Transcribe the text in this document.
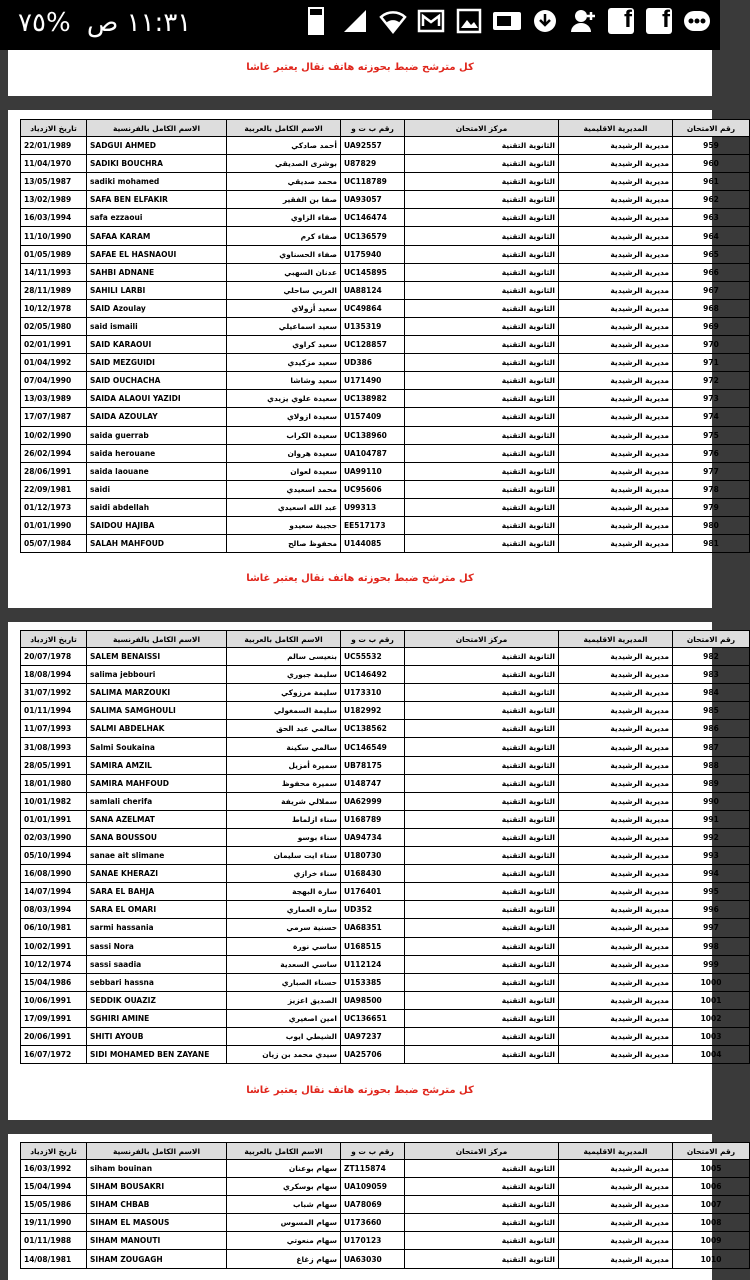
١١:٣١ ص %٧٥	f	f
كل مترشح ضبط بحوزته هاتف نقال يعتبر غاشا
تاريخ الازدياد	الاسم الكامل بالفرنسية	الاسم الكامل بالعربية	رقم ب ت و	مركز الامتحان	المديرية الاقليمية	رقم الامتحان
22/01/1989	SADGUI AHMED	أحمد صادكي	UA92557	الثانوية التقنية	مديرية الرشيدية	959
11/04/1970	SADIKI BOUCHRA	بوشرى الصديقي	U87829	الثانوية التقنية	مديرية الرشيدية	960
13/05/1987	sadiki mohamed	محمد صديقي	UC118789	الثانوية التقنية	مديرية الرشيدية	961
13/02/1989	SAFA BEN ELFAKIR	صفا بن الفقير	UA93057	الثانوية التقنية	مديرية الرشيدية	962
16/03/1994	safa ezzaoui	صفاء الزاوي	UC146474	الثانوية التقنية	مديرية الرشيدية	963
11/10/1990	SAFAA KARAM	صفاء كرم	UC136579	الثانوية التقنية	مديرية الرشيدية	964
01/05/1989	SAFAE EL HASNAOUI	صفاء الحسناوي	U175940	الثانوية التقنية	مديرية الرشيدية	965
14/11/1993	SAHBI ADNANE	عدنان السهبي	UC145895	الثانوية التقنية	مديرية الرشيدية	966
28/11/1989	SAHILI LARBI	العربي ساحلي	UA88124	الثانوية التقنية	مديرية الرشيدية	967
10/12/1978	SAID Azoulay	سعيد أزولاي	UC49864	الثانوية التقنية	مديرية الرشيدية	968
02/05/1980	said ismaili	سعيد اسماعيلي	U135319	الثانوية التقنية	مديرية الرشيدية	969
02/01/1991	SAID KARAOUI	سعيد كراوي	UC128857	الثانوية التقنية	مديرية الرشيدية	970
01/04/1992	SAID MEZGUIDI	سعيد مزكيدي	UD386	الثانوية التقنية	مديرية الرشيدية	971
07/04/1990	SAID OUCHACHA	سعيد وشاشا	U171490	الثانوية التقنية	مديرية الرشيدية	972
13/03/1989	SAIDA ALAOUI YAZIDI	سعيدة علوي يزيدي	UC138982	الثانوية التقنية	مديرية الرشيدية	973
17/07/1987	SAIDA AZOULAY	سعيدة ازولاي	U157409	الثانوية التقنية	مديرية الرشيدية	974
10/02/1990	saida guerrab	سعيدة الكراب	UC138960	الثانوية التقنية	مديرية الرشيدية	975
26/02/1994	saida herouane	سعيدة هروان	UA104787	الثانوية التقنية	مديرية الرشيدية	976
28/06/1991	saida laouane	سعيدة لعوان	UA99110	الثانوية التقنية	مديرية الرشيدية	977
22/09/1981	saidi	محمد اسعيدي	UC95606	الثانوية التقنية	مديرية الرشيدية	978
01/12/1973	saidi abdellah	عبد الله اسعيدي	U99313	الثانوية التقنية	مديرية الرشيدية	979
01/01/1990	SAIDOU HAJIBA	حجيبة سعيدو	EE517173	الثانوية التقنية	مديرية الرشيدية	980
05/07/1984	SALAH MAHFOUD	محفوظ صالح	U144085	الثانوية التقنية	مديرية الرشيدية	981
كل مترشح ضبط بحوزته هاتف نقال يعتبر غاشا
تاريخ الازدياد	الاسم الكامل بالفرنسية	الاسم الكامل بالعربية	رقم ب ت و	مركز الامتحان	المديرية الاقليمية	رقم الامتحان
20/07/1978	SALEM BENAISSI	بنعيسى سالم	UC55532	الثانوية التقنية	مديرية الرشيدية	982
18/08/1994	salima jebbouri	سليمة جبوري	UC146492	الثانوية التقنية	مديرية الرشيدية	983
31/07/1992	SALIMA MARZOUKI	سليمة مرزوكي	U173310	الثانوية التقنية	مديرية الرشيدية	984
01/11/1994	SALIMA SAMGHOULI	سليمة السمغولي	U182992	الثانوية التقنية	مديرية الرشيدية	985
11/07/1993	SALMI ABDELHAK	سالمي عبد الحق	UC138562	الثانوية التقنية	مديرية الرشيدية	986
31/08/1993	Salmi Soukaina	سالمي سكينة	UC146549	الثانوية التقنية	مديرية الرشيدية	987
28/05/1991	SAMIRA AMZIL	سميرة أمزيل	UB78175	الثانوية التقنية	مديرية الرشيدية	988
18/01/1980	SAMIRA MAHFOUD	سميرة محفوظ	U148747	الثانوية التقنية	مديرية الرشيدية	989
10/01/1982	samlali cherifa	سملالي شريفة	UA62999	الثانوية التقنية	مديرية الرشيدية	990
01/01/1991	SANA AZELMAT	سناء ازلماط	U168789	الثانوية التقنية	مديرية الرشيدية	991
02/03/1990	SANA BOUSSOU	سناء بوسو	UA94734	الثانوية التقنية	مديرية الرشيدية	992
05/10/1994	sanae ait slimane	سناء ايت سليمان	U180730	الثانوية التقنية	مديرية الرشيدية	993
16/08/1990	SANAE KHERAZI	سناء خرازي	U168430	الثانوية التقنية	مديرية الرشيدية	994
14/07/1994	SARA EL BAHJA	سارة البهجة	U176401	الثانوية التقنية	مديرية الرشيدية	995
08/03/1994	SARA EL OMARI	سارة العماري	UD352	الثانوية التقنية	مديرية الرشيدية	996
06/10/1981	sarmi hassania	حسنية سرمي	UA68351	الثانوية التقنية	مديرية الرشيدية	997
10/02/1991	sassi Nora	ساسي نورة	U168515	الثانوية التقنية	مديرية الرشيدية	998
10/12/1974	sassi saadia	ساسي السعدية	U112124	الثانوية التقنية	مديرية الرشيدية	999
15/04/1986	sebbari hassna	حسناء الصباري	U153385	الثانوية التقنية	مديرية الرشيدية	1000
10/06/1991	SEDDIK OUAZIZ	الصديق اعزيز	UA98500	الثانوية التقنية	مديرية الرشيدية	1001
17/09/1991	SGHIRI AMINE	امين اصغيري	UC136651	الثانوية التقنية	مديرية الرشيدية	1002
20/06/1991	SHITI AYOUB	الشيطي ايوب	UA97237	الثانوية التقنية	مديرية الرشيدية	1003
16/07/1972	SIDI MOHAMED BEN ZAYANE	سيدي محمد بن زيان	UA25706	الثانوية التقنية	مديرية الرشيدية	1004
كل مترشح ضبط بحوزته هاتف نقال يعتبر غاشا
تاريخ الازدياد	الاسم الكامل بالفرنسية	الاسم الكامل بالعربية	رقم ب ت و	مركز الامتحان	المديرية الاقليمية	رقم الامتحان
16/03/1992	siham bouinan	سهام بوعنان	ZT115874	الثانوية التقنية	مديرية الرشيدية	1005
15/04/1994	SIHAM BOUSAKRI	سهام بوسكري	UA109059	الثانوية التقنية	مديرية الرشيدية	1006
15/05/1986	SIHAM CHBAB	سهام شباب	UA78069	الثانوية التقنية	مديرية الرشيدية	1007
19/11/1990	SIHAM EL MASOUS	سهام المسوس	U173660	الثانوية التقنية	مديرية الرشيدية	1008
01/11/1988	SIHAM MANOUTI	سهام منعوتي	U170123	الثانوية التقنية	مديرية الرشيدية	1009
14/08/1981	SIHAM ZOUGAGH	سهام زغاغ	UA63030	الثانوية التقنية	مديرية الرشيدية	1010
